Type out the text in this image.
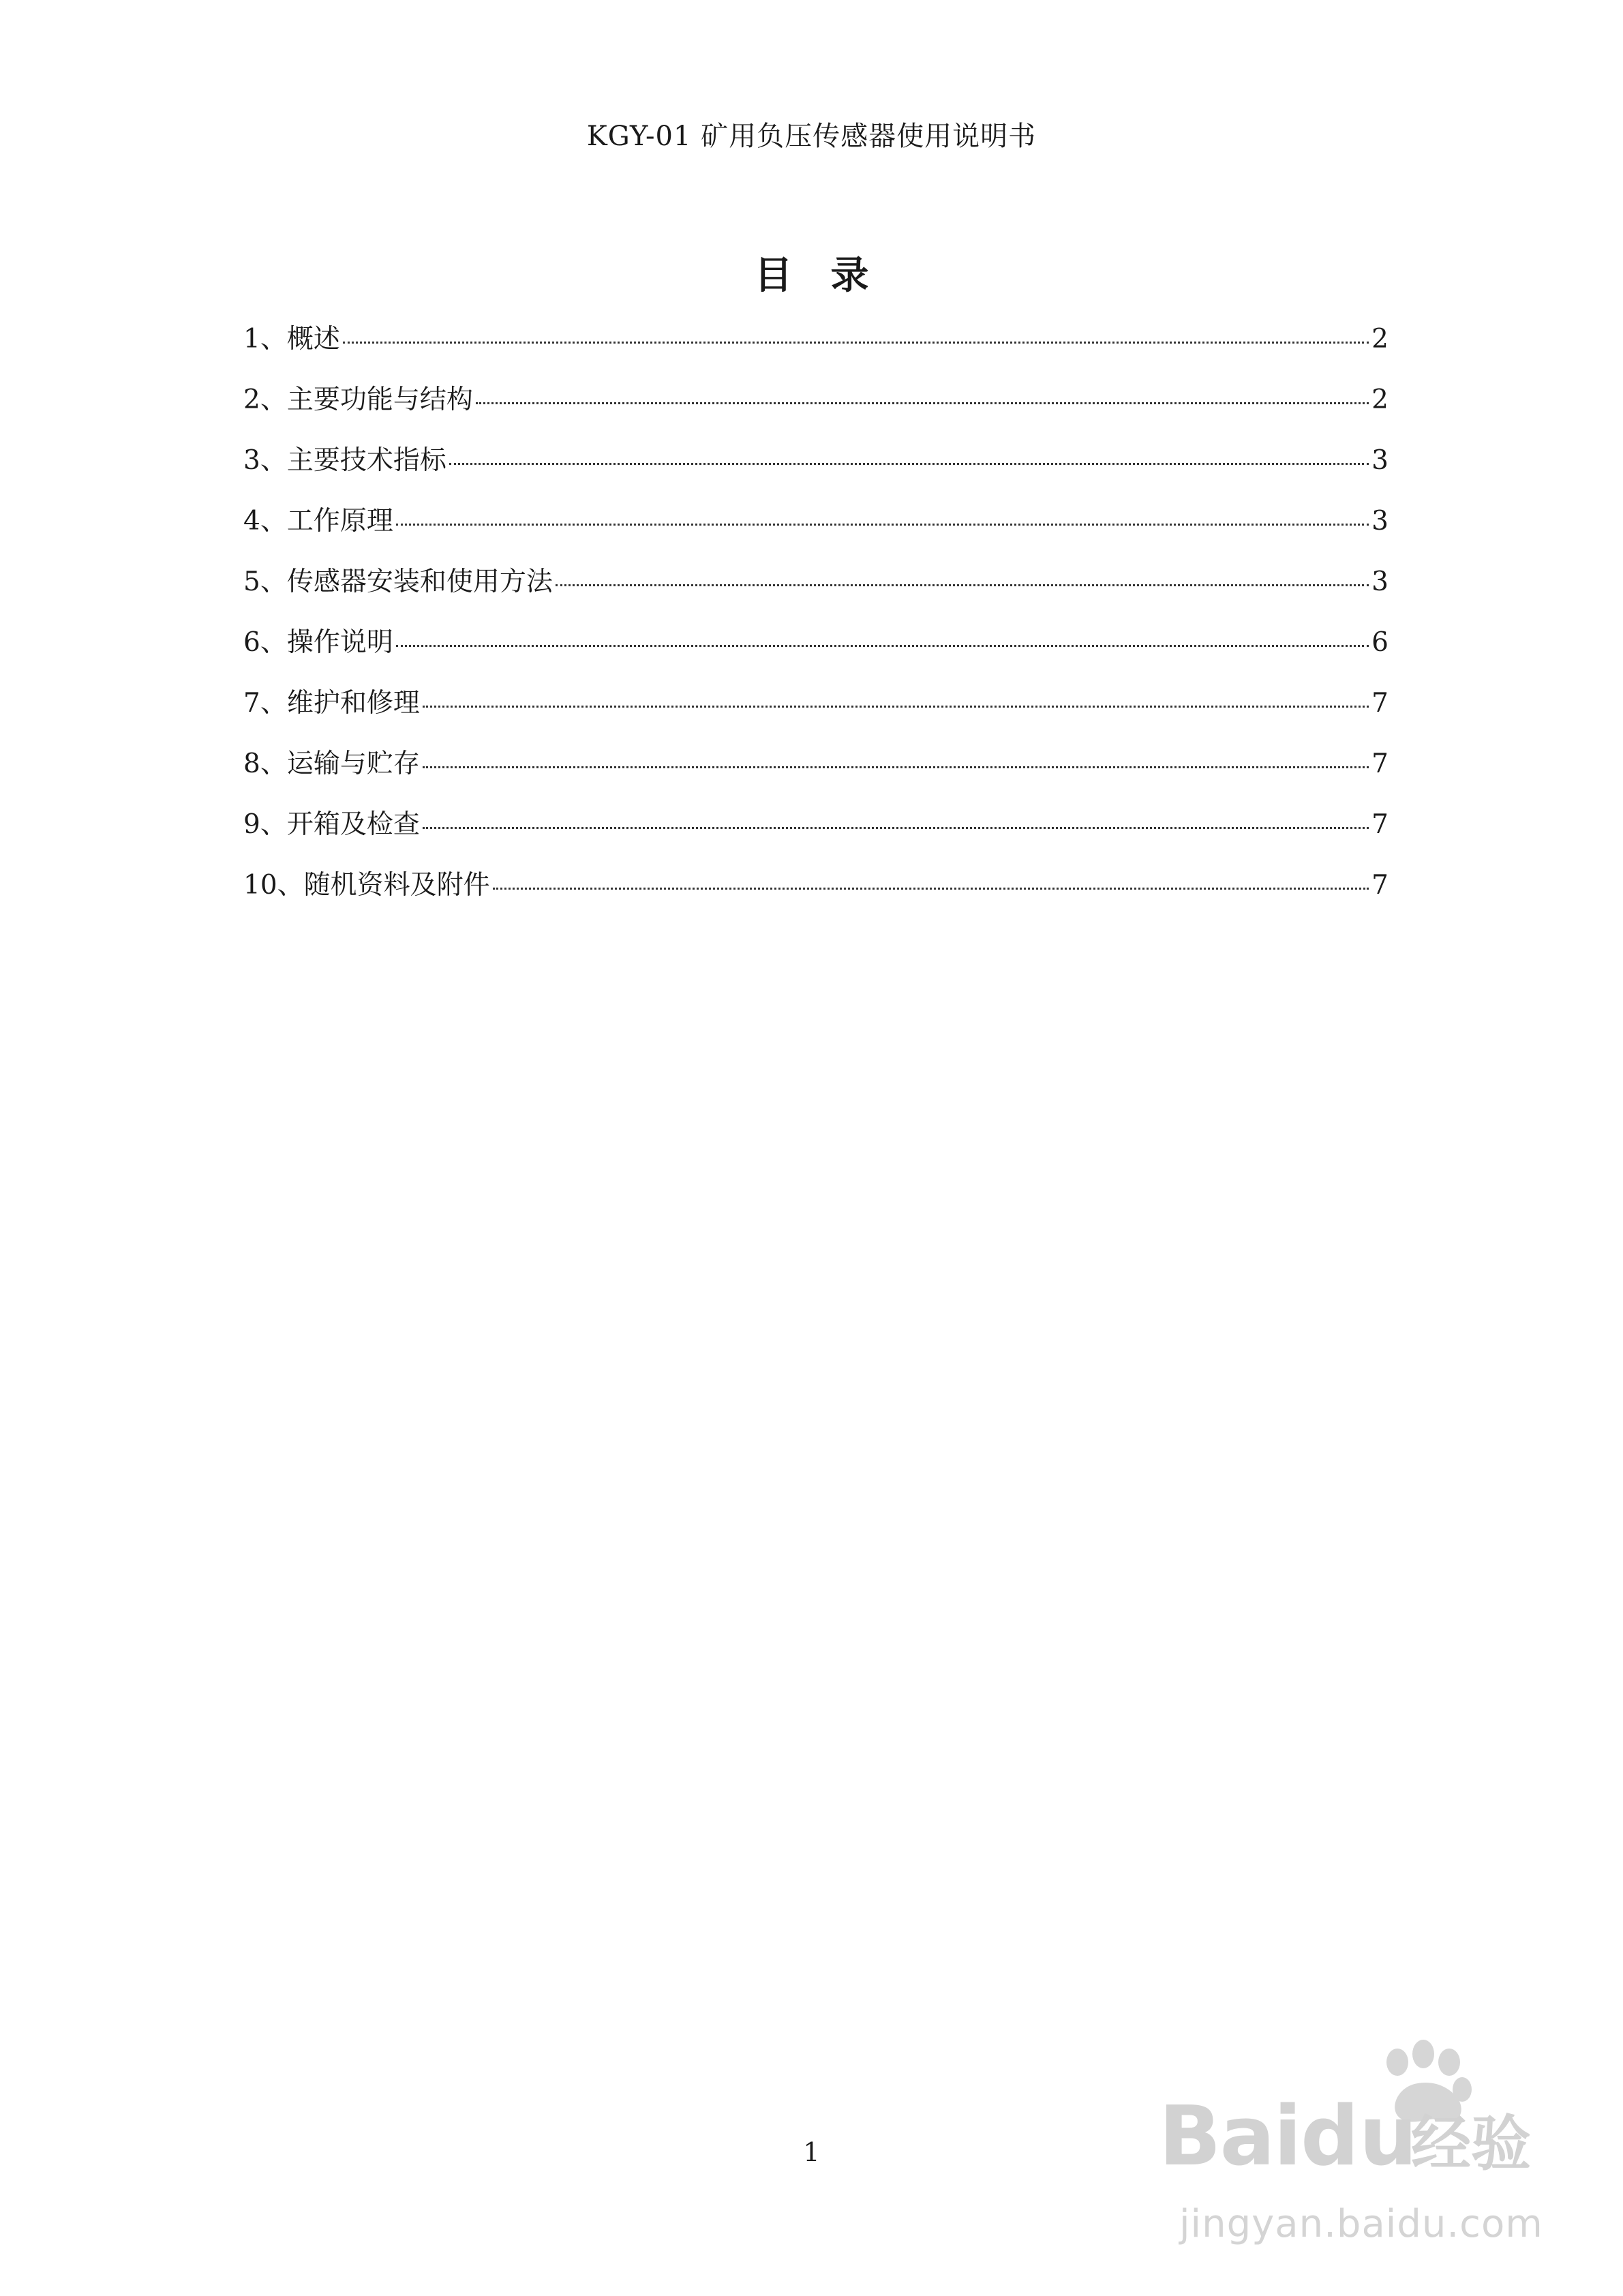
KGY-01 矿用负压传感器使用说明书
目录
1、概述	2
2、主要功能与结构	2
3、主要技术指标	3
4、工作原理	3
5、传感器安装和使用方法	3
6、操作说明	6
7、维护和修理	7
8、运输与贮存	7
9、开箱及检查	7
10、随机资料及附件	7
1	Bai du
经验
jingyan.baidu.com
